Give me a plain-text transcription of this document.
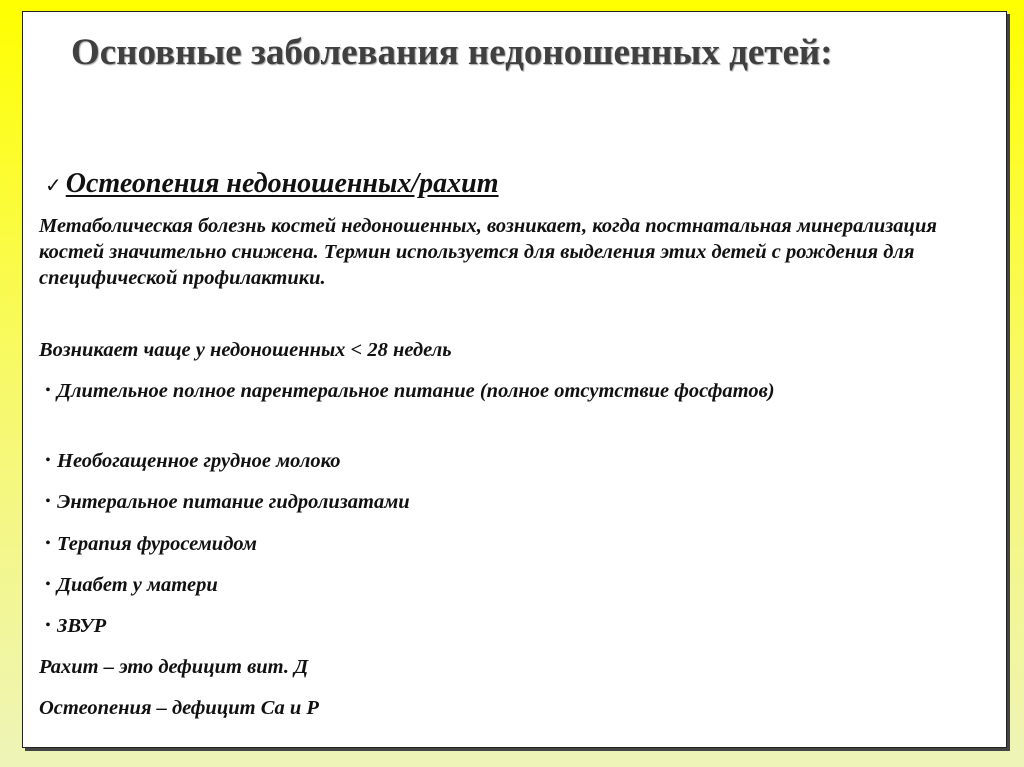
Основные заболевания недоношенных детей:
✓ Остеопения недоношенных/рахит

Метаболическая болезнь костей недоношенных, возникает, когда постнатальная минерализация костей значительно снижена. Термин используется для выделения этих детей с рождения для специфической профилактики.

Возникает чаще у недоношенных < 28 недель

• Длительное полное парентеральное питание (полное отсутствие фосфатов)
• Необогащенное грудное молоко
• Энтеральное питание гидролизатами
• Терапия фуросемидом
• Диабет у матери
• ЗВУР

Рахит – это дефицит вит. Д

Остеопения – дефицит Са и Р
